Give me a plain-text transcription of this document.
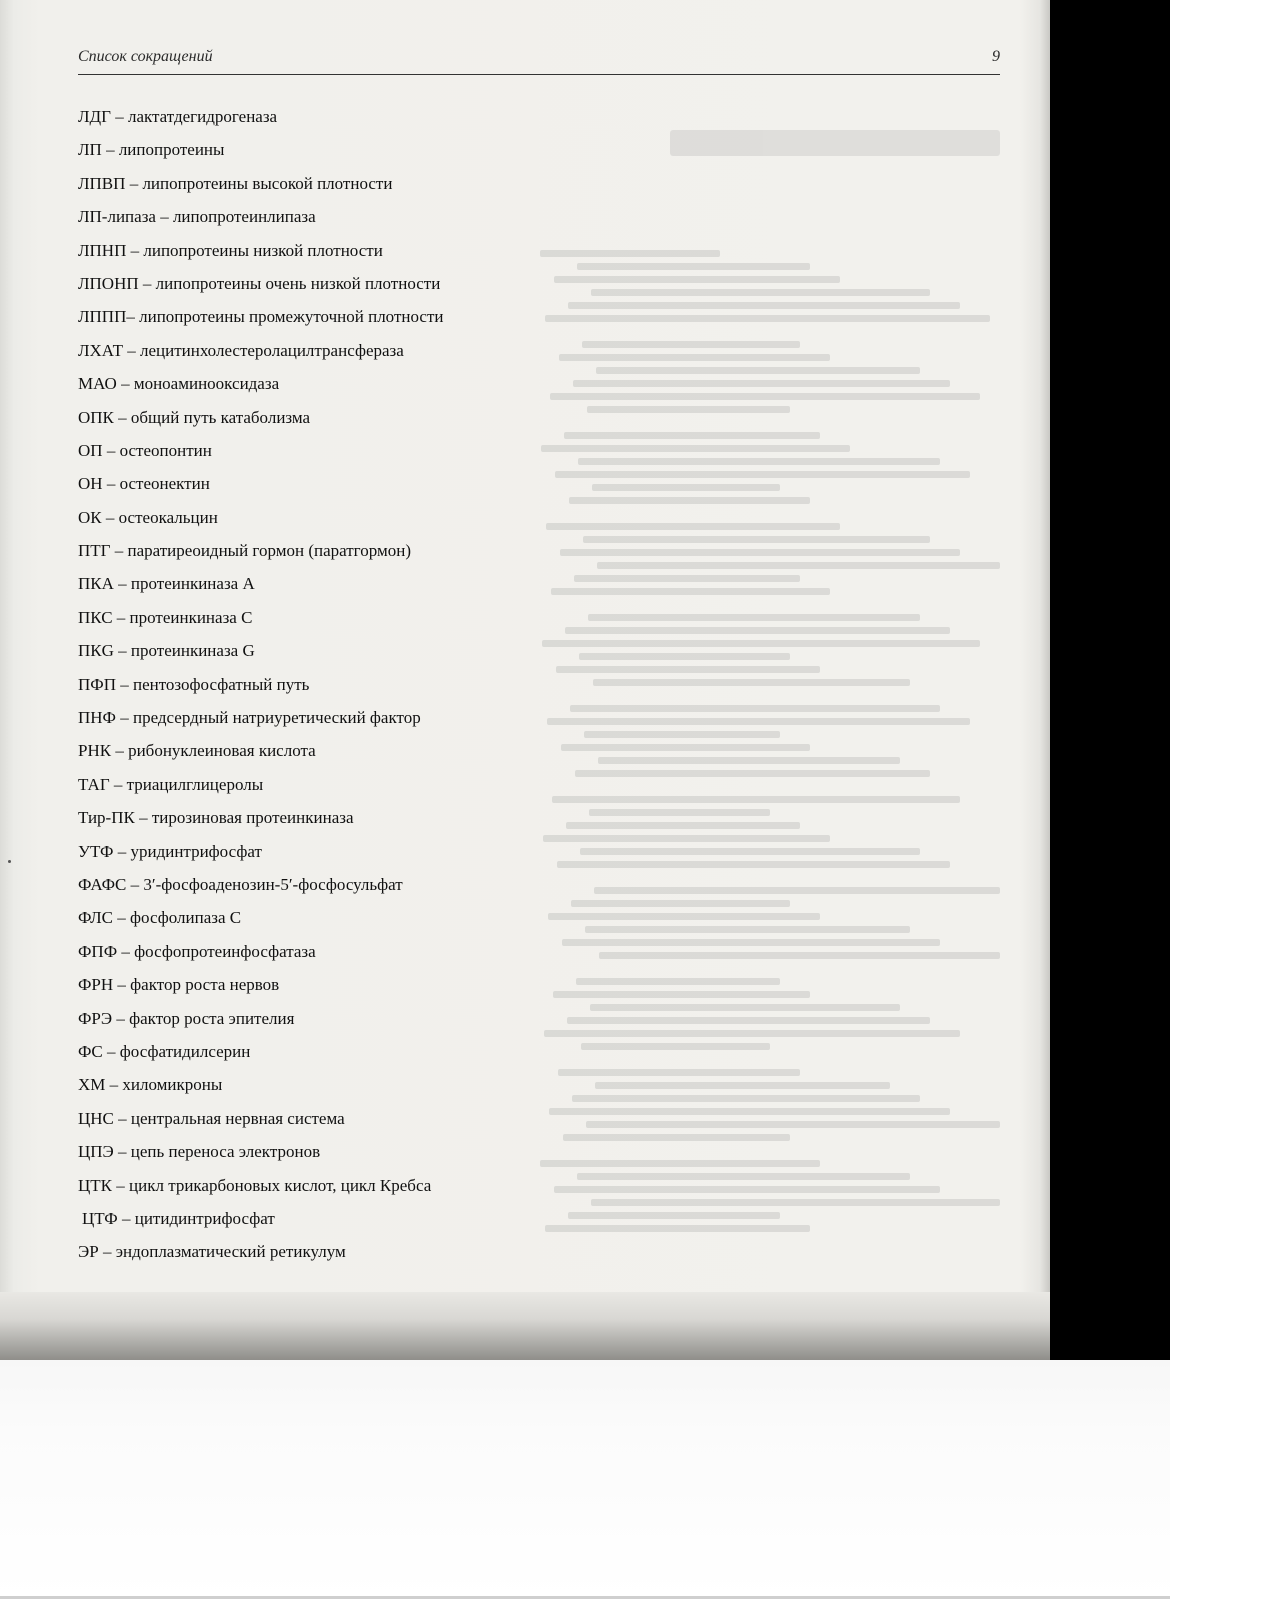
Список сокращений	9
ЛДГ – лактатдегидрогеназа
ЛП – липопротеины
ЛПВП – липопротеины высокой плотности
ЛП-липаза – липопротеинлипаза
ЛПНП – липопротеины низкой плотности
ЛПОНП – липопротеины очень низкой плотности
ЛППП– липопротеины промежуточной плотности
ЛХАТ – лецитинхолестеролацилтрансфераза
МАО – моноаминооксидаза
ОПК – общий путь катаболизма
ОП – остеопонтин
ОН – остеонектин
ОК – остеокальцин
ПТГ – паратиреоидный гормон (паратгормон)
ПКА – протеинкиназа А
ПКС – протеинкиназа С
ПКG – протеинкиназа G
ПФП – пентозофосфатный путь
ПНФ – предсердный натриуретический фактор
РНК – рибонуклеиновая кислота
ТАГ – триацилглицеролы
Тир-ПК – тирозиновая протеинкиназа
УТФ – уридинтрифосфат
ФАФС – 3′-фосфоаденозин-5′-фосфосульфат
ФЛС – фосфолипаза С
ФПФ – фосфопротеинфосфатаза
ФРН – фактор роста нервов
ФРЭ – фактор роста эпителия
ФС – фосфатидилсерин
ХМ – хиломикроны
ЦНС – центральная нервная система
ЦПЭ – цепь переноса электронов
ЦТК – цикл трикарбоновых кислот, цикл Кребса
ЦТФ – цитидинтрифосфат
ЭР – эндоплазматический ретикулум
